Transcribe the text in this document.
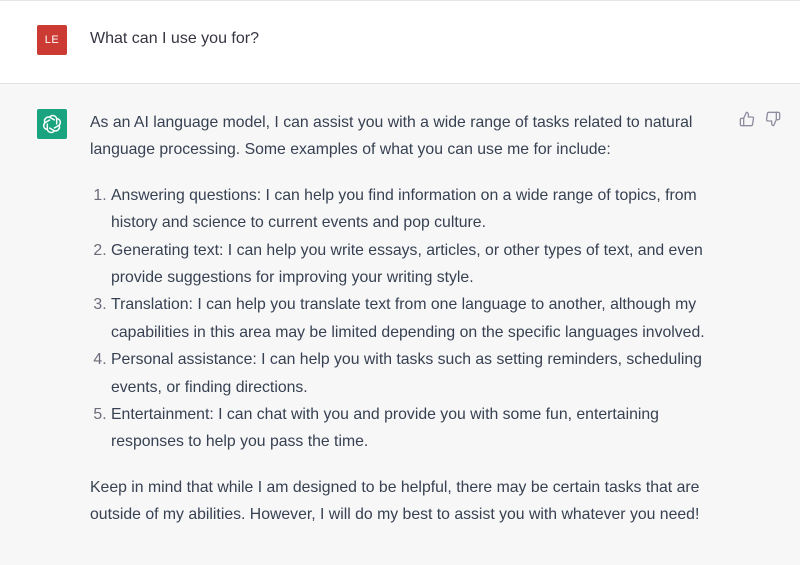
LE	What can I use you for?

As an AI language model, I can assist you with a wide range of tasks related to natural language processing. Some examples of what you can use me for include:

1. Answering questions: I can help you find information on a wide range of topics, from history and science to current events and pop culture.
2. Generating text: I can help you write essays, articles, or other types of text, and even provide suggestions for improving your writing style.
3. Translation: I can help you translate text from one language to another, although my capabilities in this area may be limited depending on the specific languages involved.
4. Personal assistance: I can help you with tasks such as setting reminders, scheduling events, or finding directions.
5. Entertainment: I can chat with you and provide you with some fun, entertaining responses to help you pass the time.

Keep in mind that while I am designed to be helpful, there may be certain tasks that are outside of my abilities. However, I will do my best to assist you with whatever you need!
